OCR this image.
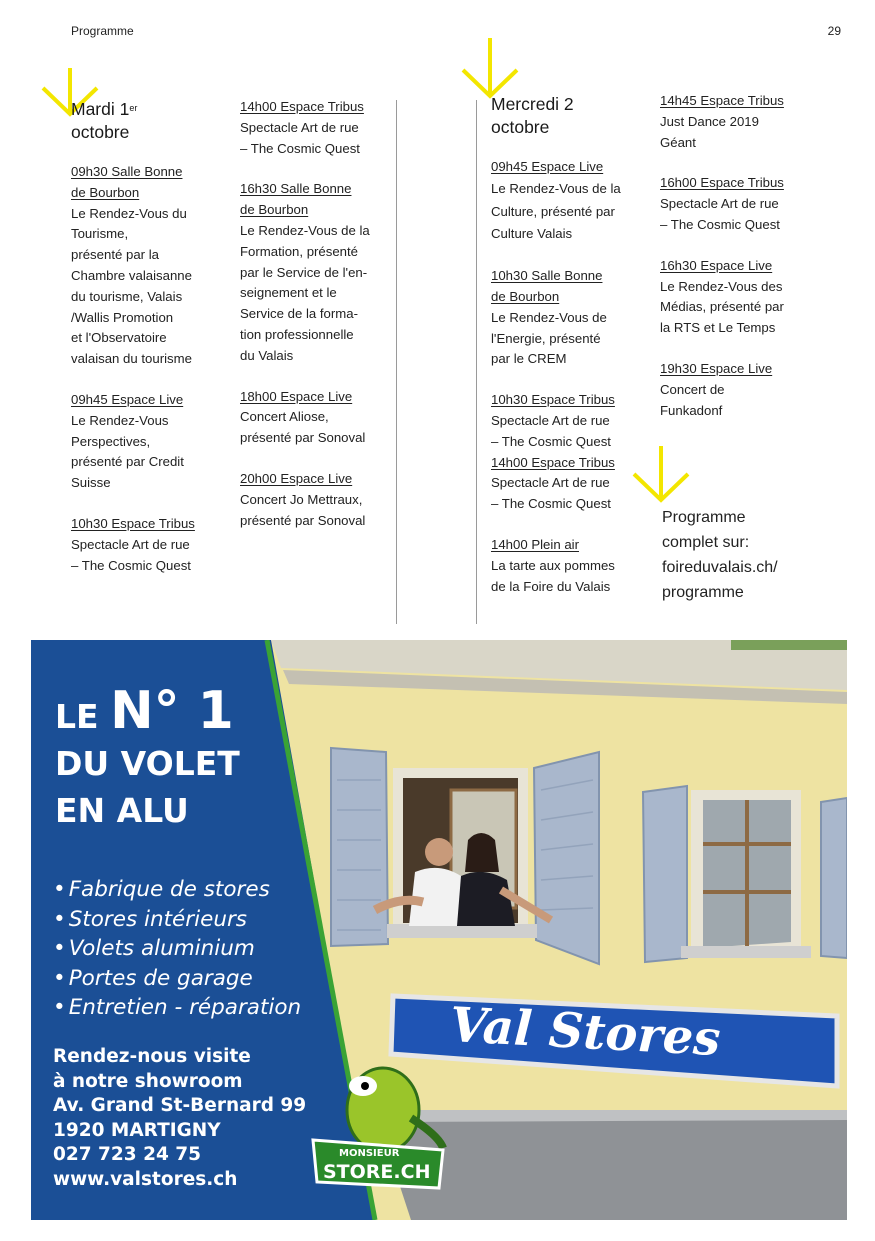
Programme	29
Mardi 1er
octobre
09h30 Salle Bonne
de Bourbon
Le Rendez-Vous du
Tourisme,
présenté par la
Chambre valaisanne
du tourisme, Valais
/Wallis Promotion
et l'Observatoire
valaisan du tourisme
09h45 Espace Live
Le Rendez-Vous
Perspectives,
présenté par Credit
Suisse
10h30 Espace Tribus
Spectacle Art de rue
– The Cosmic Quest
14h00 Espace Tribus
Spectacle Art de rue
– The Cosmic Quest
16h30 Salle Bonne
de Bourbon
Le Rendez-Vous de la
Formation, présenté
par le Service de l'en-
seignement et le
Service de la forma-
tion professionnelle
du Valais
18h00 Espace Live
Concert Aliose,
présenté par Sonoval
20h00 Espace Live
Concert Jo Mettraux,
présenté par Sonoval
Mercredi 2
octobre
09h45 Espace Live
Le Rendez-Vous de la
Culture, présenté par
Culture Valais
10h30 Salle Bonne
de Bourbon
Le Rendez-Vous de
l'Energie, présenté
par le CREM
10h30 Espace Tribus
Spectacle Art de rue
– The Cosmic Quest
14h00 Espace Tribus
Spectacle Art de rue
– The Cosmic Quest
14h00 Plein air
La tarte aux pommes
de la Foire du Valais
14h45 Espace Tribus
Just Dance 2019
Géant
16h00 Espace Tribus
Spectacle Art de rue
– The Cosmic Quest
16h30 Espace Live
Le Rendez-Vous des
Médias, présenté par
la RTS et Le Temps
19h30 Espace Live
Concert de
Funkadonf
Programme
complet sur:
foireduvalais.ch/
programme
Val Stores
MONSIEUR
STORE.CH
LE N° 1
DU VOLET
EN ALU
• Fabrique de stores
• Stores intérieurs
• Volets aluminium
• Portes de garage
• Entretien - réparation
Rendez-nous visite
à notre showroom
Av. Grand St-Bernard 99
1920 MARTIGNY
027 723 24 75
www.valstores.ch
